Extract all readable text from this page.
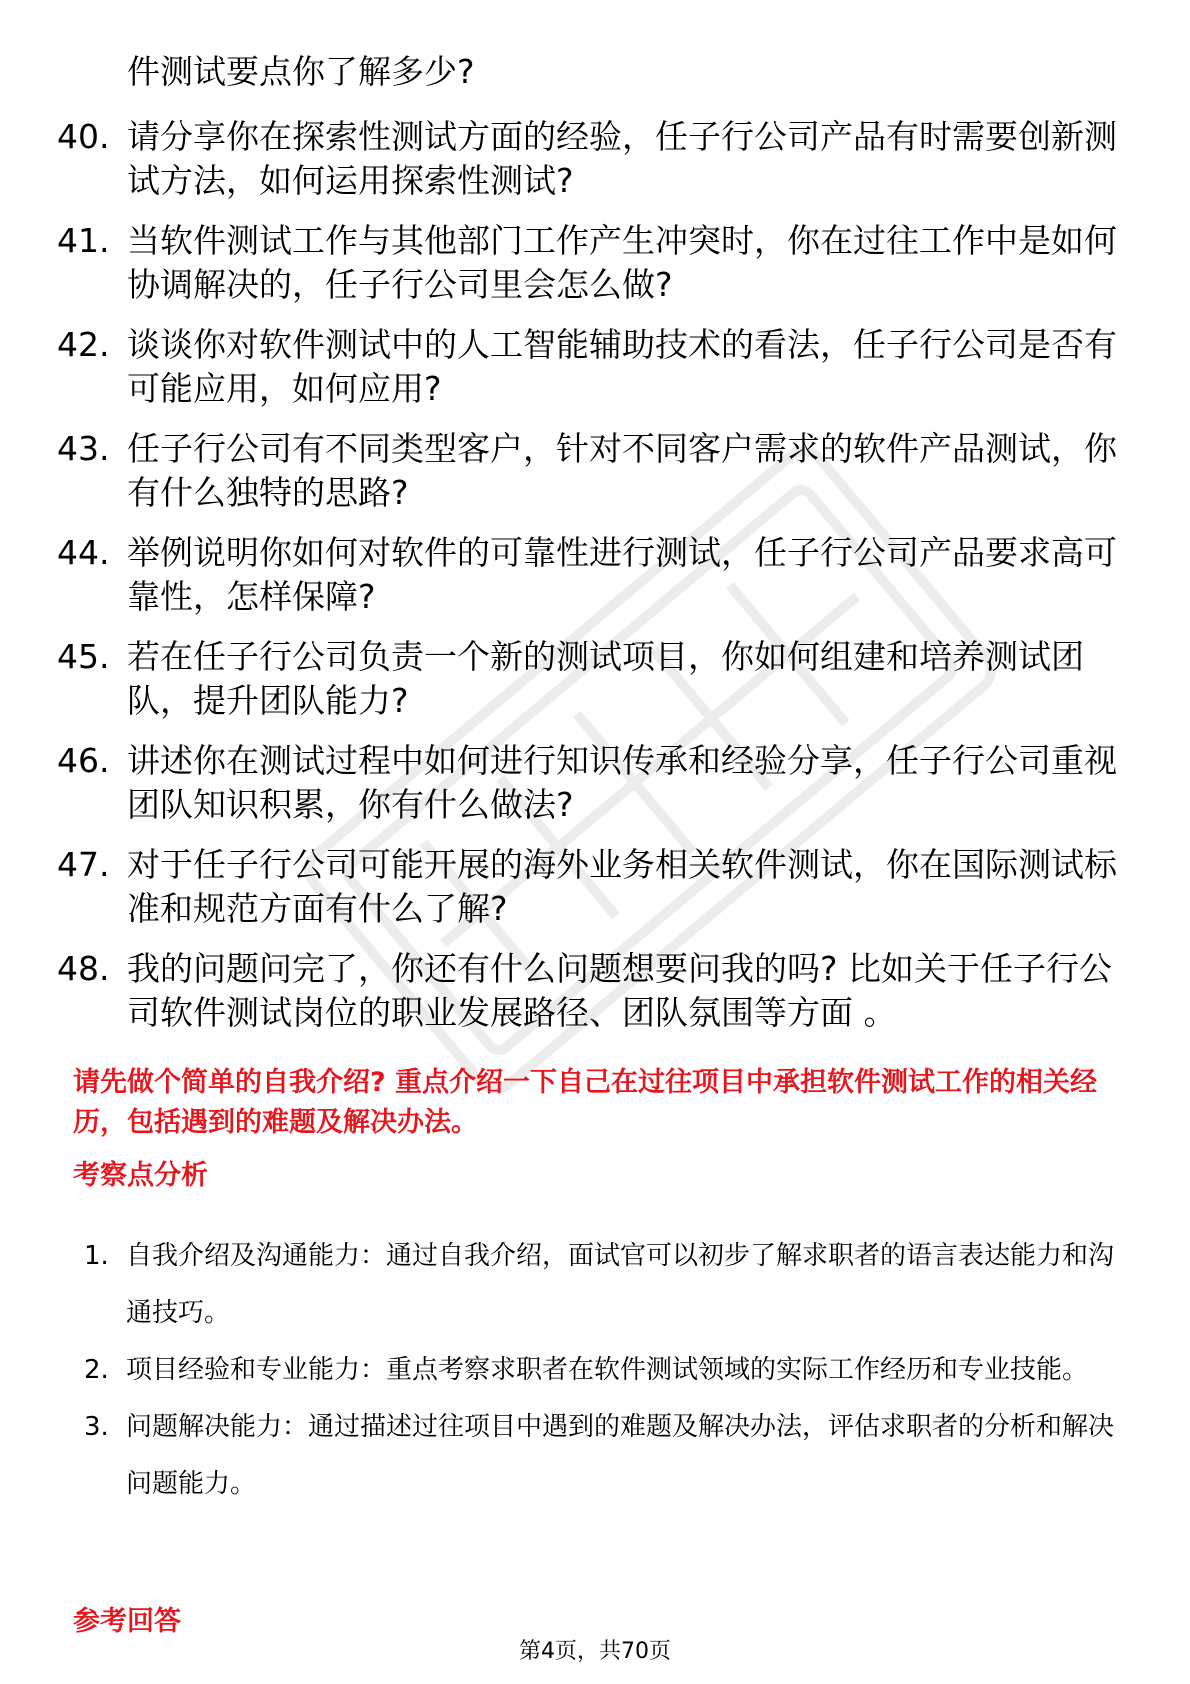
件测试要点你了解多少?
40. 请分享你在探索性测试方面的经验，任子行公司产品有时需要创新测试方法，如何运用探索性测试?
41. 当软件测试工作与其他部门工作产生冲突时，你在过往工作中是如何协调解决的，任子行公司里会怎么做?
42. 谈谈你对软件测试中的人工智能辅助技术的看法，任子行公司是否有可能应用，如何应用?
43. 任子行公司有不同类型客户，针对不同客户需求的软件产品测试，你有什么独特的思路?
44. 举例说明你如何对软件的可靠性进行测试，任子行公司产品要求高可靠性，怎样保障?
45. 若在任子行公司负责一个新的测试项目，你如何组建和培养测试团队，提升团队能力?
46. 讲述你在测试过程中如何进行知识传承和经验分享，任子行公司重视团队知识积累，你有什么做法?
47. 对于任子行公司可能开展的海外业务相关软件测试，你在国际测试标准和规范方面有什么了解?
48. 我的问题问完了，你还有什么问题想要问我的吗? 比如关于任子行公司软件测试岗位的职业发展路径、团队氛围等方面 。
请先做个简单的自我介绍? 重点介绍一下自己在过往项目中承担软件测试工作的相关经历，包括遇到的难题及解决办法。
考察点分析
1. 自我介绍及沟通能力：通过自我介绍，面试官可以初步了解求职者的语言表达能力和沟通技巧。
2. 项目经验和专业能力：重点考察求职者在软件测试领域的实际工作经历和专业技能。
3. 问题解决能力：通过描述过往项目中遇到的难题及解决办法，评估求职者的分析和解决问题能力。
参考回答
第4页，共70页
